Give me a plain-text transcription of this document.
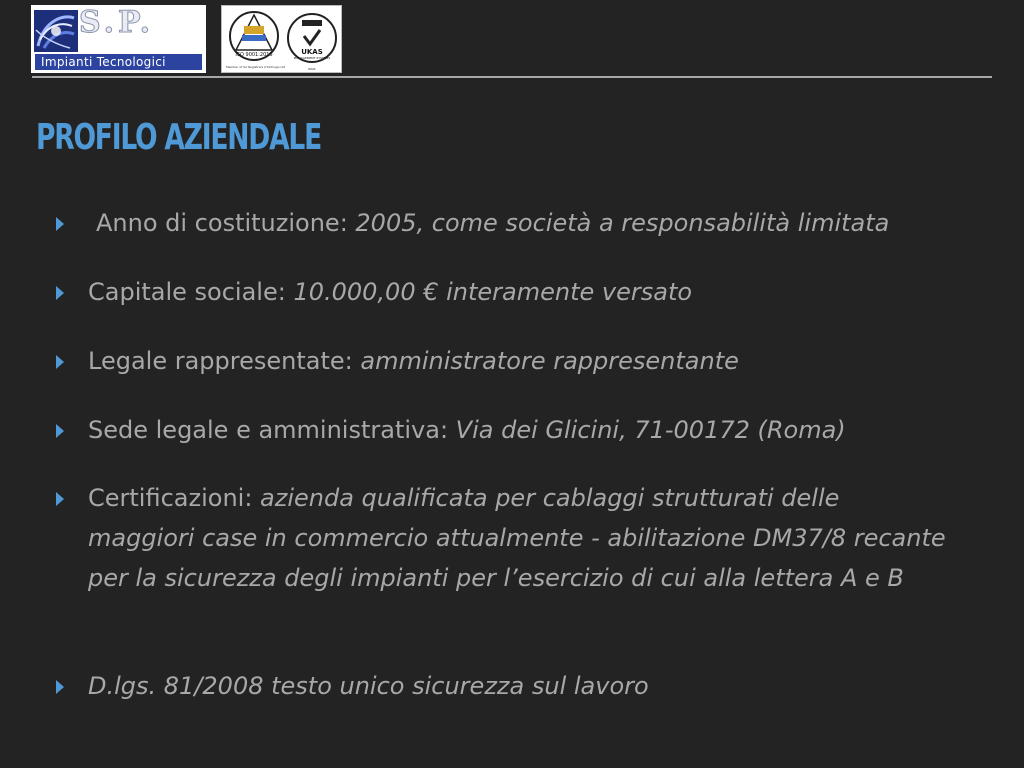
S.P.
Impianti Tecnologici	ISO 9001:2015	UKAS
MANAGEMENT SYSTEMS
0021
Member of SA Registrars (Holdings) Ltd
PROFILO AZIENDALE
Anno di costituzione: 2005, come società a responsabilità limitata
Capitale sociale: 10.000,00 € interamente versato
Legale rappresentate: amministratore rappresentante
Sede legale e amministrativa: Via dei Glicini, 71-00172 (Roma)
Certificazioni: azienda qualificata per cablaggi strutturati delle maggiori case in commercio attualmente - abilitazione DM37/8 recante per la sicurezza degli impianti per l’esercizio di cui alla lettera A e B
D.lgs. 81/2008 testo unico sicurezza sul lavoro
